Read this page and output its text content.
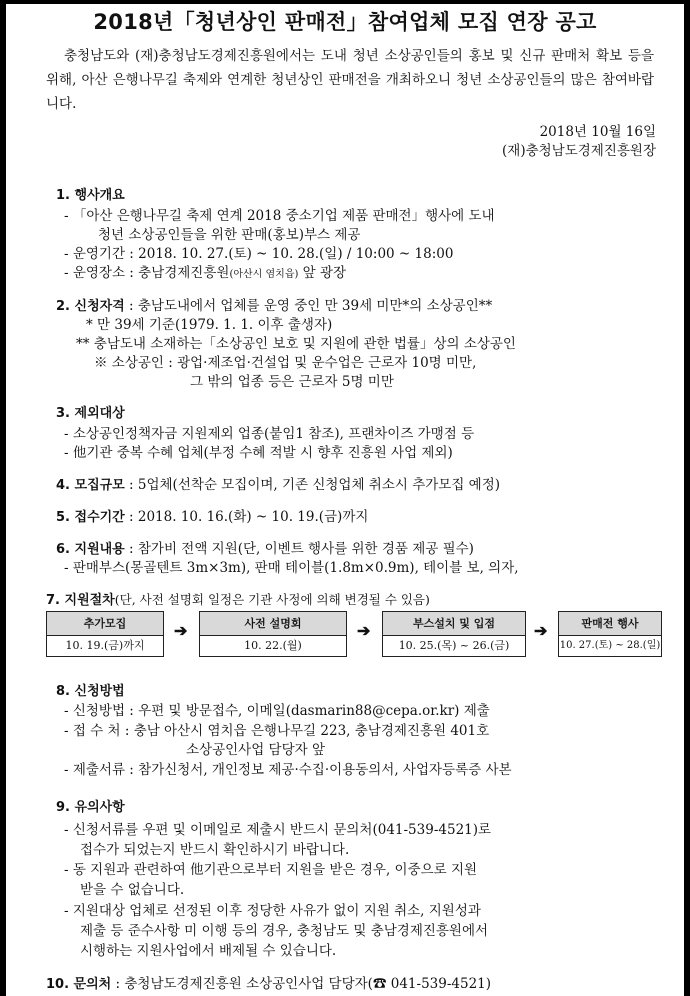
2018년「청년상인 판매전」참여업체 모집 연장 공고
충청남도와 (재)충청남도경제진흥원에서는 도내 청년 소상공인들의 홍보 및 신규 판매처 확보 등을 위해, 아산 은행나무길 축제와 연계한 청년상인 판매전을 개최하오니 청년 소상공인들의 많은 참여바랍니다.
2018년 10월 16일
(재)충청남도경제진흥원장
1. 행사개요
- 「아산 은행나무길 축제 연계 2018 중소기업 제품 판매전」행사에 도내
청년 소상공인들을 위한 판매(홍보)부스 제공
- 운영기간 : 2018. 10. 27.(토) ~ 10. 28.(일) / 10:00 ~ 18:00
- 운영장소 : 충남경제진흥원(아산시 염치읍) 앞 광장
2. 신청자격 : 충남도내에서 업체를 운영 중인 만 39세 미만*의 소상공인**
* 만 39세 기준(1979. 1. 1. 이후 출생자)
** 충남도내 소재하는「소상공인 보호 및 지원에 관한 법률」상의 소상공인
※ 소상공인 : 광업·제조업·건설업 및 운수업은 근로자 10명 미만,
그 밖의 업종 등은 근로자 5명 미만
3. 제외대상
- 소상공인정책자금 지원제외 업종(붙임1 참조), 프랜차이즈 가맹점 등
- 他기관 중복 수혜 업체(부정 수혜 적발 시 향후 진흥원 사업 제외)
4. 모집규모 : 5업체(선착순 모집이며, 기존 신청업체 취소시 추가모집 예정)
5. 접수기간 : 2018. 10. 16.(화) ~ 10. 19.(금)까지
6. 지원내용 : 참가비 전액 지원(단, 이벤트 행사를 위한 경품 제공 필수)
- 판매부스(몽골텐트 3m×3m), 판매 테이블(1.8m×0.9m), 테이블 보, 의자,
7. 지원절차(단, 사전 설명회 일정은 기관 사정에 의해 변경될 수 있음)
추가모집
10. 19.(금)까지
➔	사전 설명회
10. 22.(월)
➔	부스설치 및 입점
10. 25.(목) ~ 26.(금)
➔	판매전 행사
10. 27.(토) ~ 28.(일)
8. 신청방법
- 신청방법 : 우편 및 방문접수, 이메일(dasmarin88@cepa.or.kr) 제출
- 접 수 처 : 충남 아산시 염치읍 은행나무길 223, 충남경제진흥원 401호
소상공인사업 담당자 앞
- 제출서류 : 참가신청서, 개인정보 제공·수집·이용동의서, 사업자등록증 사본
9. 유의사항
- 신청서류를 우편 및 이메일로 제출시 반드시 문의처(041-539-4521)로
접수가 되었는지 반드시 확인하시기 바랍니다.
- 동 지원과 관련하여 他기관으로부터 지원을 받은 경우, 이중으로 지원
받을 수 없습니다.
- 지원대상 업체로 선정된 이후 정당한 사유가 없이 지원 취소, 지원성과
제출 등 준수사항 미 이행 등의 경우, 충청남도 및 충남경제진흥원에서
시행하는 지원사업에서 배제될 수 있습니다.
10. 문의처 : 충청남도경제진흥원 소상공인사업 담당자(☎ 041-539-4521)
